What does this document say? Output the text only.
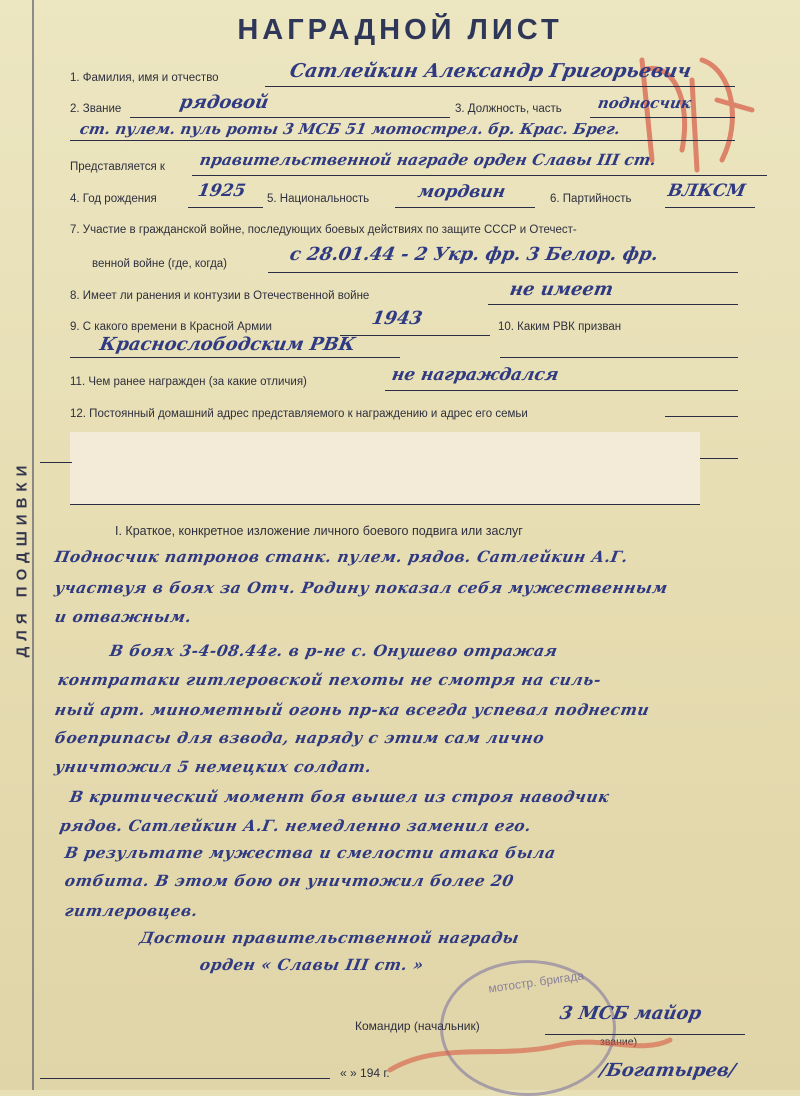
ДЛЯ ПОДШИВКИ
НАГРАДНОЙ ЛИСТ
1. Фамилия, имя и отчество	Сатлейкин Александр Григорьевич
2. Звание	рядовой	3. Должность, часть подносчик
ст. пулем. пуль роты 3 МСБ 51 мотострел. бр. Крас. Брег.
Представляется к правительственной награде орден Славы III ст.
4. Год рождения 1925 5. Национальность	мордвин	6. Партийность ВЛКСМ
7. Участие в гражданской войне, последующих боевых действиях по защите СССР и Отечест-
венной войне (где, когда)	с 28.01.44 - 2 Укр. фр. 3 Белор. фр.
8. Имеет ли ранения и контузии в Отечественной войне	не имеет
9. С какого времени в Красной Армии	1943	10. Каким РВК призван
Краснослободским РВК
11. Чем ранее награжден (за какие отличия)	не награждался
12. Постоянный домашний адрес представляемого к награждению и адрес его семьи
I. Краткое, конкретное изложение личного боевого подвига или заслуг
Подносчик патронов станк. пулем. рядов. Сатлейкин А.Г.
участвуя в боях за Отч. Родину показал себя мужественным
и отважным.
В боях 3-4-08.44г. в р-не с. Онушево отражая
контратаки гитлеровской пехоты не смотря на силь-
ный арт. минометный огонь пр-ка всегда успевал поднести
боеприпасы для взвода, наряду с этим сам лично
уничтожил 5 немецких солдат.
В критический момент боя вышел из строя наводчик
рядов. Сатлейкин А.Г. немедленно заменил его.
В результате мужества и смелости атака была
отбита. В этом бою он уничтожил более 20
гитлеровцев.
Достоин правительственной награды
орден « Славы III ст. »
мотостр. бригада
Командир (начальник)
3 МСБ майор
звание)
« » 194 г.	/Богатырев/
